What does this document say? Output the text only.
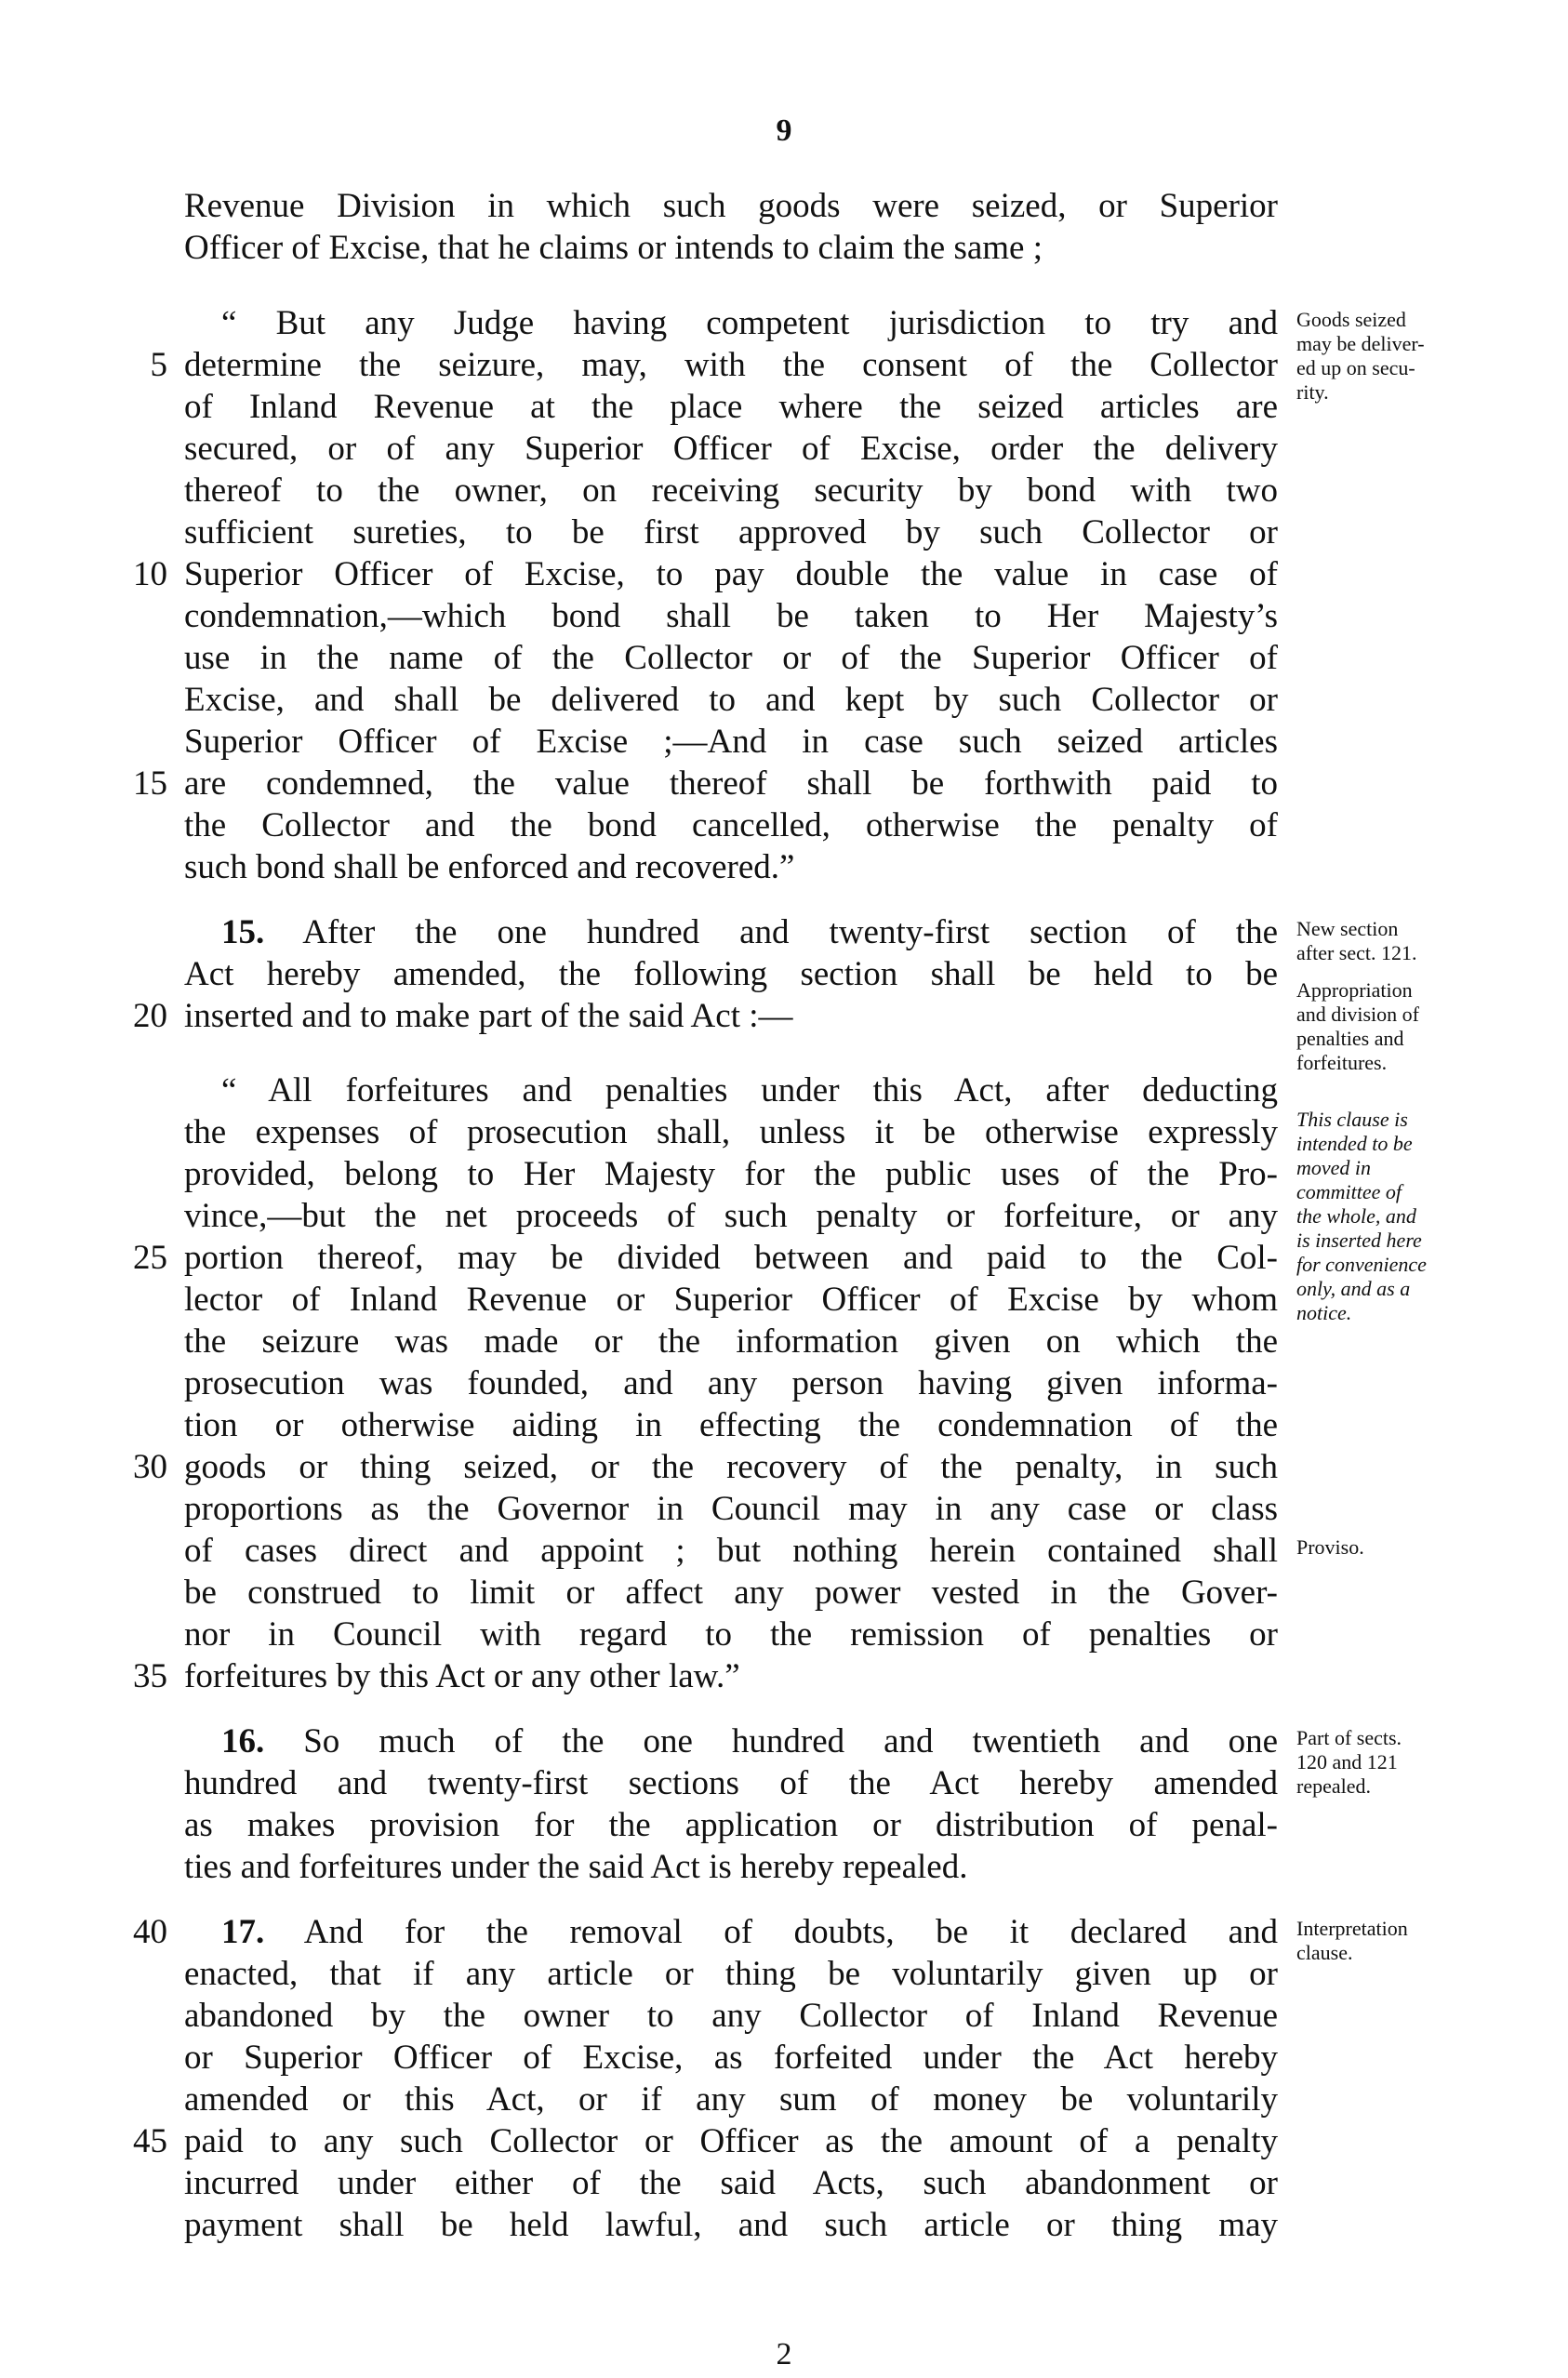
9
Revenue Division in which such goods were seized, or Superior
Officer of Excise, that he claims or intends to claim the same ;
“ But any Judge having competent jurisdiction to try and
determine the seizure, may, with the consent of the Collector
of Inland Revenue at the place where the seized articles are
secured, or of any Superior Officer of Excise, order the delivery
thereof to the owner, on receiving security by bond with two
sufficient sureties, to be first approved by such Collector or
Superior Officer of Excise, to pay double the value in case of
condemnation,—which bond shall be taken to Her Majesty’s
use in the name of the Collector or of the Superior Officer of
Excise, and shall be delivered to and kept by such Collector or
Superior Officer of Excise ;—And in case such seized articles
are condemned, the value thereof shall be forthwith paid to
the Collector and the bond cancelled, otherwise the penalty of
such bond shall be enforced and recovered.”
15. After the one hundred and twenty-first section of the
Act hereby amended, the following section shall be held to be
inserted and to make part of the said Act :—
“ All forfeitures and penalties under this Act, after deducting
the expenses of prosecution shall, unless it be otherwise expressly
provided, belong to Her Majesty for the public uses of the Pro-
vince,—but the net proceeds of such penalty or forfeiture, or any
portion thereof, may be divided between and paid to the Col-
lector of Inland Revenue or Superior Officer of Excise by whom
the seizure was made or the information given on which the
prosecution was founded, and any person having given informa-
tion or otherwise aiding in effecting the condemnation of the
goods or thing seized, or the recovery of the penalty, in such
proportions as the Governor in Council may in any case or class
of cases direct and appoint ; but nothing herein contained shall
be construed to limit or affect any power vested in the Gover-
nor in Council with regard to the remission of penalties or
forfeitures by this Act or any other law.”
16. So much of the one hundred and twentieth and one
hundred and twenty-first sections of the Act hereby amended
as makes provision for the application or distribution of penal-
ties and forfeitures under the said Act is hereby repealed.
17. And for the removal of doubts, be it declared and
enacted, that if any article or thing be voluntarily given up or
abandoned by the owner to any Collector of Inland Revenue
or Superior Officer of Excise, as forfeited under the Act hereby
amended or this Act, or if any sum of money be voluntarily
paid to any such Collector or Officer as the amount of a penalty
incurred under either of the said Acts, such abandonment or
payment shall be held lawful, and such article or thing may
5
10
15
20
25
30
35
40
45
Goods seized
may be deliver-
ed up on secu-
rity.
New section
after sect. 121.
Appropriation
and division of
penalties and
forfeitures.
This clause is
intended to be
moved in
committee of
the whole, and
is inserted here
for convenience
only, and as a
notice.
Proviso.
Part of sects.
120 and 121
repealed.
Interpretation
clause.
2
